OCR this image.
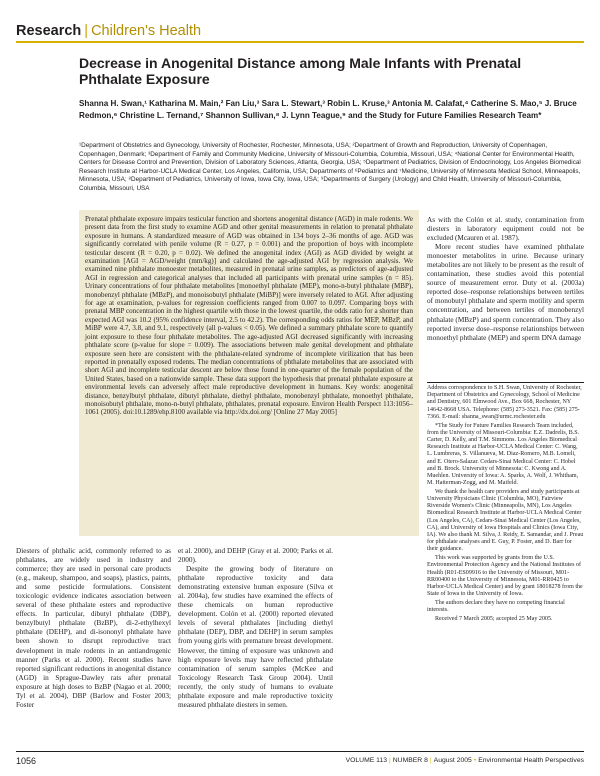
Research | Children's Health
Decrease in Anogenital Distance among Male Infants with Prenatal Phthalate Exposure
Shanna H. Swan,¹ Katharina M. Main,² Fan Liu,³ Sara L. Stewart,³ Robin L. Kruse,³ Antonia M. Calafat,⁴ Catherine S. Mao,⁵ J. Bruce Redmon,⁶ Christine L. Ternand,⁷ Shannon Sullivan,⁸ J. Lynn Teague,⁹ and the Study for Future Families Research Team*
¹Department of Obstetrics and Gynecology, University of Rochester, Rochester, Minnesota, USA; ²Department of Growth and Reproduction, University of Copenhagen, Copenhagen, Denmark; ³Department of Family and Community Medicine, University of Missouri-Columbia, Columbia, Missouri, USA; ⁴National Center for Environmental Health, Centers for Disease Control and Prevention, Division of Laboratory Sciences, Atlanta, Georgia, USA; ⁵Department of Pediatrics, Division of Endocrinology, Los Angeles Biomedical Research Institute at Harbor-UCLA Medical Center, Los Angeles, California, USA; Departments of ⁶Pediatrics and ⁷Medicine, University of Minnesota Medical School, Minneapolis, Minnesota, USA; ⁸Department of Pediatrics, University of Iowa, Iowa City, Iowa, USA; ⁹Departments of Surgery (Urology) and Child Health, University of Missouri-Columbia, Columbia, Missouri, USA

Prenatal phthalate exposure impairs testicular function and shortens anogenital distance (AGD) in male rodents. We present data from the first study to examine AGD and other genital measurements in relation to prenatal phthalate exposure in humans. A standardized measure of AGD was obtained in 134 boys 2–36 months of age. AGD was significantly correlated with penile volume (R = 0.27, p = 0.001) and the proportion of boys with incomplete testicular descent (R = 0.20, p = 0.02). We defined the anogenital index (AGI) as AGD divided by weight at examination [AGI = AGD/weight (mm/kg)] and calculated the age-adjusted AGI by regression analysis. We examined nine phthalate monoester metabolites, measured in prenatal urine samples, as predictors of age-adjusted AGI in regression and categorical analyses that included all participants with prenatal urine samples (n = 85). Urinary concentrations of four phthalate metabolites [monoethyl phthalate (MEP), mono-n-butyl phthalate (MBP), monobenzyl phthalate (MBzP), and monoisobutyl phthalate (MiBP)] were inversely related to AGI. After adjusting for age at examination, p-values for regression coefficients ranged from 0.007 to 0.097. Comparing boys with prenatal MBP concentration in the highest quartile with those in the lowest quartile, the odds ratio for a shorter than expected AGI was 10.2 (95% confidence interval, 2.5 to 42.2). The corresponding odds ratios for MEP, MBzP, and MiBP were 4.7, 3.8, and 9.1, respectively (all p-values < 0.05). We defined a summary phthalate score to quantify joint exposure to these four phthalate metabolites. The age-adjusted AGI decreased significantly with increasing phthalate score (p-value for slope = 0.009). The associations between male genital development and phthalate exposure seen here are consistent with the phthalate-related syndrome of incomplete virilization that has been reported in prenatally exposed rodents. The median concentrations of phthalate metabolites that are associated with short AGI and incomplete testicular descent are below those found in one-quarter of the female population of the United States, based on a nationwide sample. These data support the hypothesis that prenatal phthalate exposure at environmental levels can adversely affect male reproductive development in humans. Key words: anogenital distance, benzylbutyl phthalate, dibutyl phthalate, diethyl phthalate, monobenzyl phthalate, monoethyl phthalate, monoisobutyl phthalate, mono-n-butyl phthalate, phthalates, prenatal exposure. Environ Health Perspect 113:1056–1061 (2005). doi:10.1289/ehp.8100 available via http://dx.doi.org/ [Online 27 May 2005]

As with the Colón et al. study, contamination from diesters in laboratory equipment could not be excluded (Mcauren et al. 1987).

More recent studies have examined phthalate monoester metabolites in urine. Because urinary metabolites are not likely to be present as the result of contamination, these studies avoid this potential source of measurement error. Duty et al. (2003a) reported dose–response relationships between tertiles of monobutyl phthalate and sperm motility and sperm concentration, and between tertiles of monobenzyl phthalate (MBzP) and sperm concentration. They also reported inverse dose–response relationships between monoethyl phthalate (MEP) and sperm DNA damage

Address correspondence to S.H. Swan, University of Rochester, Department of Obstetrics and Gynecology, School of Medicine and Dentistry, 601 Elmwood Ave., Box 668, Rochester, NY 14642-8668 USA. Telephone: (585) 273-3521. Fax: (585) 275-7366. E-mail: shanna_swan@urmc.rochester.edu

*The Study for Future Families Research Team included, from the University of Missouri-Columbia: E.Z. Dadrelis, B.S. Carter, D. Kelly, and T.M. Simmons. Los Angeles Biomedical Research Institute at Harbor-UCLA Medical Center: C. Wang, L. Lumbreras, S. Villanueva, M. Diaz-Romero, M.B. Lomeli, and E. Otero-Salazar. Cedars-Sinai Medical Center: C. Hobel and B. Brock. University of Minnesota: C. Kwong and A. Muehlen. University of Iowa: A. Sparks, A. Wolf, J. Whitham, M. Hatterman-Zogg, and M. Maifeld.

We thank the health care providers and study participants at University Physicians Clinic (Columbia, MO), Fairview Riverside Women's Clinic (Minneapolis, MN), Los Angeles Biomedical Research Institute at Harbor-UCLA Medical Center (Los Angeles, CA), Cedars-Sinai Medical Center (Los Angeles, CA), and University of Iowa Hospitals and Clinics (Iowa City, IA). We also thank M. Silva, J. Reidy, E. Samandar, and J. Preau for phthalate analyses and E. Guy, P. Foster, and D. Barr for their guidance.

This work was supported by grants from the U.S. Environmental Protection Agency and the National Institutes of Health (R01-ES09916 to the University of Missouri, M01-RR00400 to the University of Minnesota, M01-RR0425 to Harbor-UCLA Medical Center) and by grant 18018278 from the State of Iowa to the University of Iowa.

The authors declare they have no competing financial interests.

Received 7 March 2005; accepted 25 May 2005.

Diesters of phthalic acid, commonly referred to as phthalates, are widely used in industry and commerce; they are used in personal care products (e.g., makeup, shampoo, and soaps), plastics, paints, and some pesticide formulations. Consistent toxicologic evidence indicates association between several of these phthalate esters and reproductive effects. In particular, dibutyl phthalate (DBP), benzylbutyl phthalate (BzBP), di-2-ethylhexyl phthalate (DEHP), and di-isononyl phthalate have been shown to disrupt reproductive tract development in male rodents in an antiandrogenic manner (Parks et al. 2000). Recent studies have reported significant reductions in anogenital distance (AGD) in Sprague-Dawley rats after prenatal exposure at high doses to BzBP (Nagao et al. 2000; Tyl et al. 2004), DBP (Barlow and Foster 2003; Foster

et al. 2000), and DEHP (Gray et al. 2000; Parks et al. 2000).

Despite the growing body of literature on phthalate reproductive toxicity and data demonstrating extensive human exposure (Silva et al. 2004a), few studies have examined the effects of these chemicals on human reproductive development. Colón et al. (2000) reported elevated levels of several phthalates [including diethyl phthalate (DEP), DBP, and DEHP] in serum samples from young girls with premature breast development. However, the timing of exposure was unknown and high exposure levels may have reflected phthalate contamination of serum samples (McKee and Toxicology Research Task Group 2004). Until recently, the only study of humans to evaluate phthalate exposure and male reproductive toxicity measured phthalate diesters in semen.

1056	VOLUME 113 | NUMBER 8 | August 2005 • Environmental Health Perspectives
